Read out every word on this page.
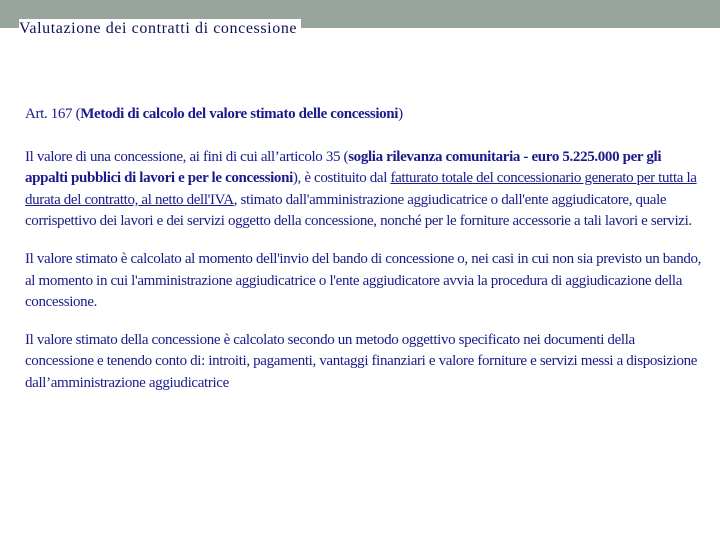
Valutazione dei contratti di concessione

Art. 167 (Metodi di calcolo del valore stimato delle concessioni)

Il valore di una concessione, ai fini di cui all’articolo 35 (soglia rilevanza comunitaria - euro 5.225.000 per gli appalti pubblici di lavori e per le concessioni), è costituito dal fatturato totale del concessionario generato per tutta la durata del contratto, al netto dell'IVA, stimato dall'amministrazione aggiudicatrice o dall'ente aggiudicatore, quale corrispettivo dei lavori e dei servizi oggetto della concessione, nonché per le forniture accessorie a tali lavori e servizi.

Il valore stimato è calcolato al momento dell'invio del bando di concessione o, nei casi in cui non sia previsto un bando, al momento in cui l'amministrazione aggiudicatrice o l'ente aggiudicatore avvia la procedura di aggiudicazione della concessione.

Il valore stimato della concessione è calcolato secondo un metodo oggettivo specificato nei documenti della concessione e tenendo conto di: introiti, pagamenti, vantaggi finanziari e valore forniture e servizi messi a disposizione dall’amministrazione aggiudicatrice
